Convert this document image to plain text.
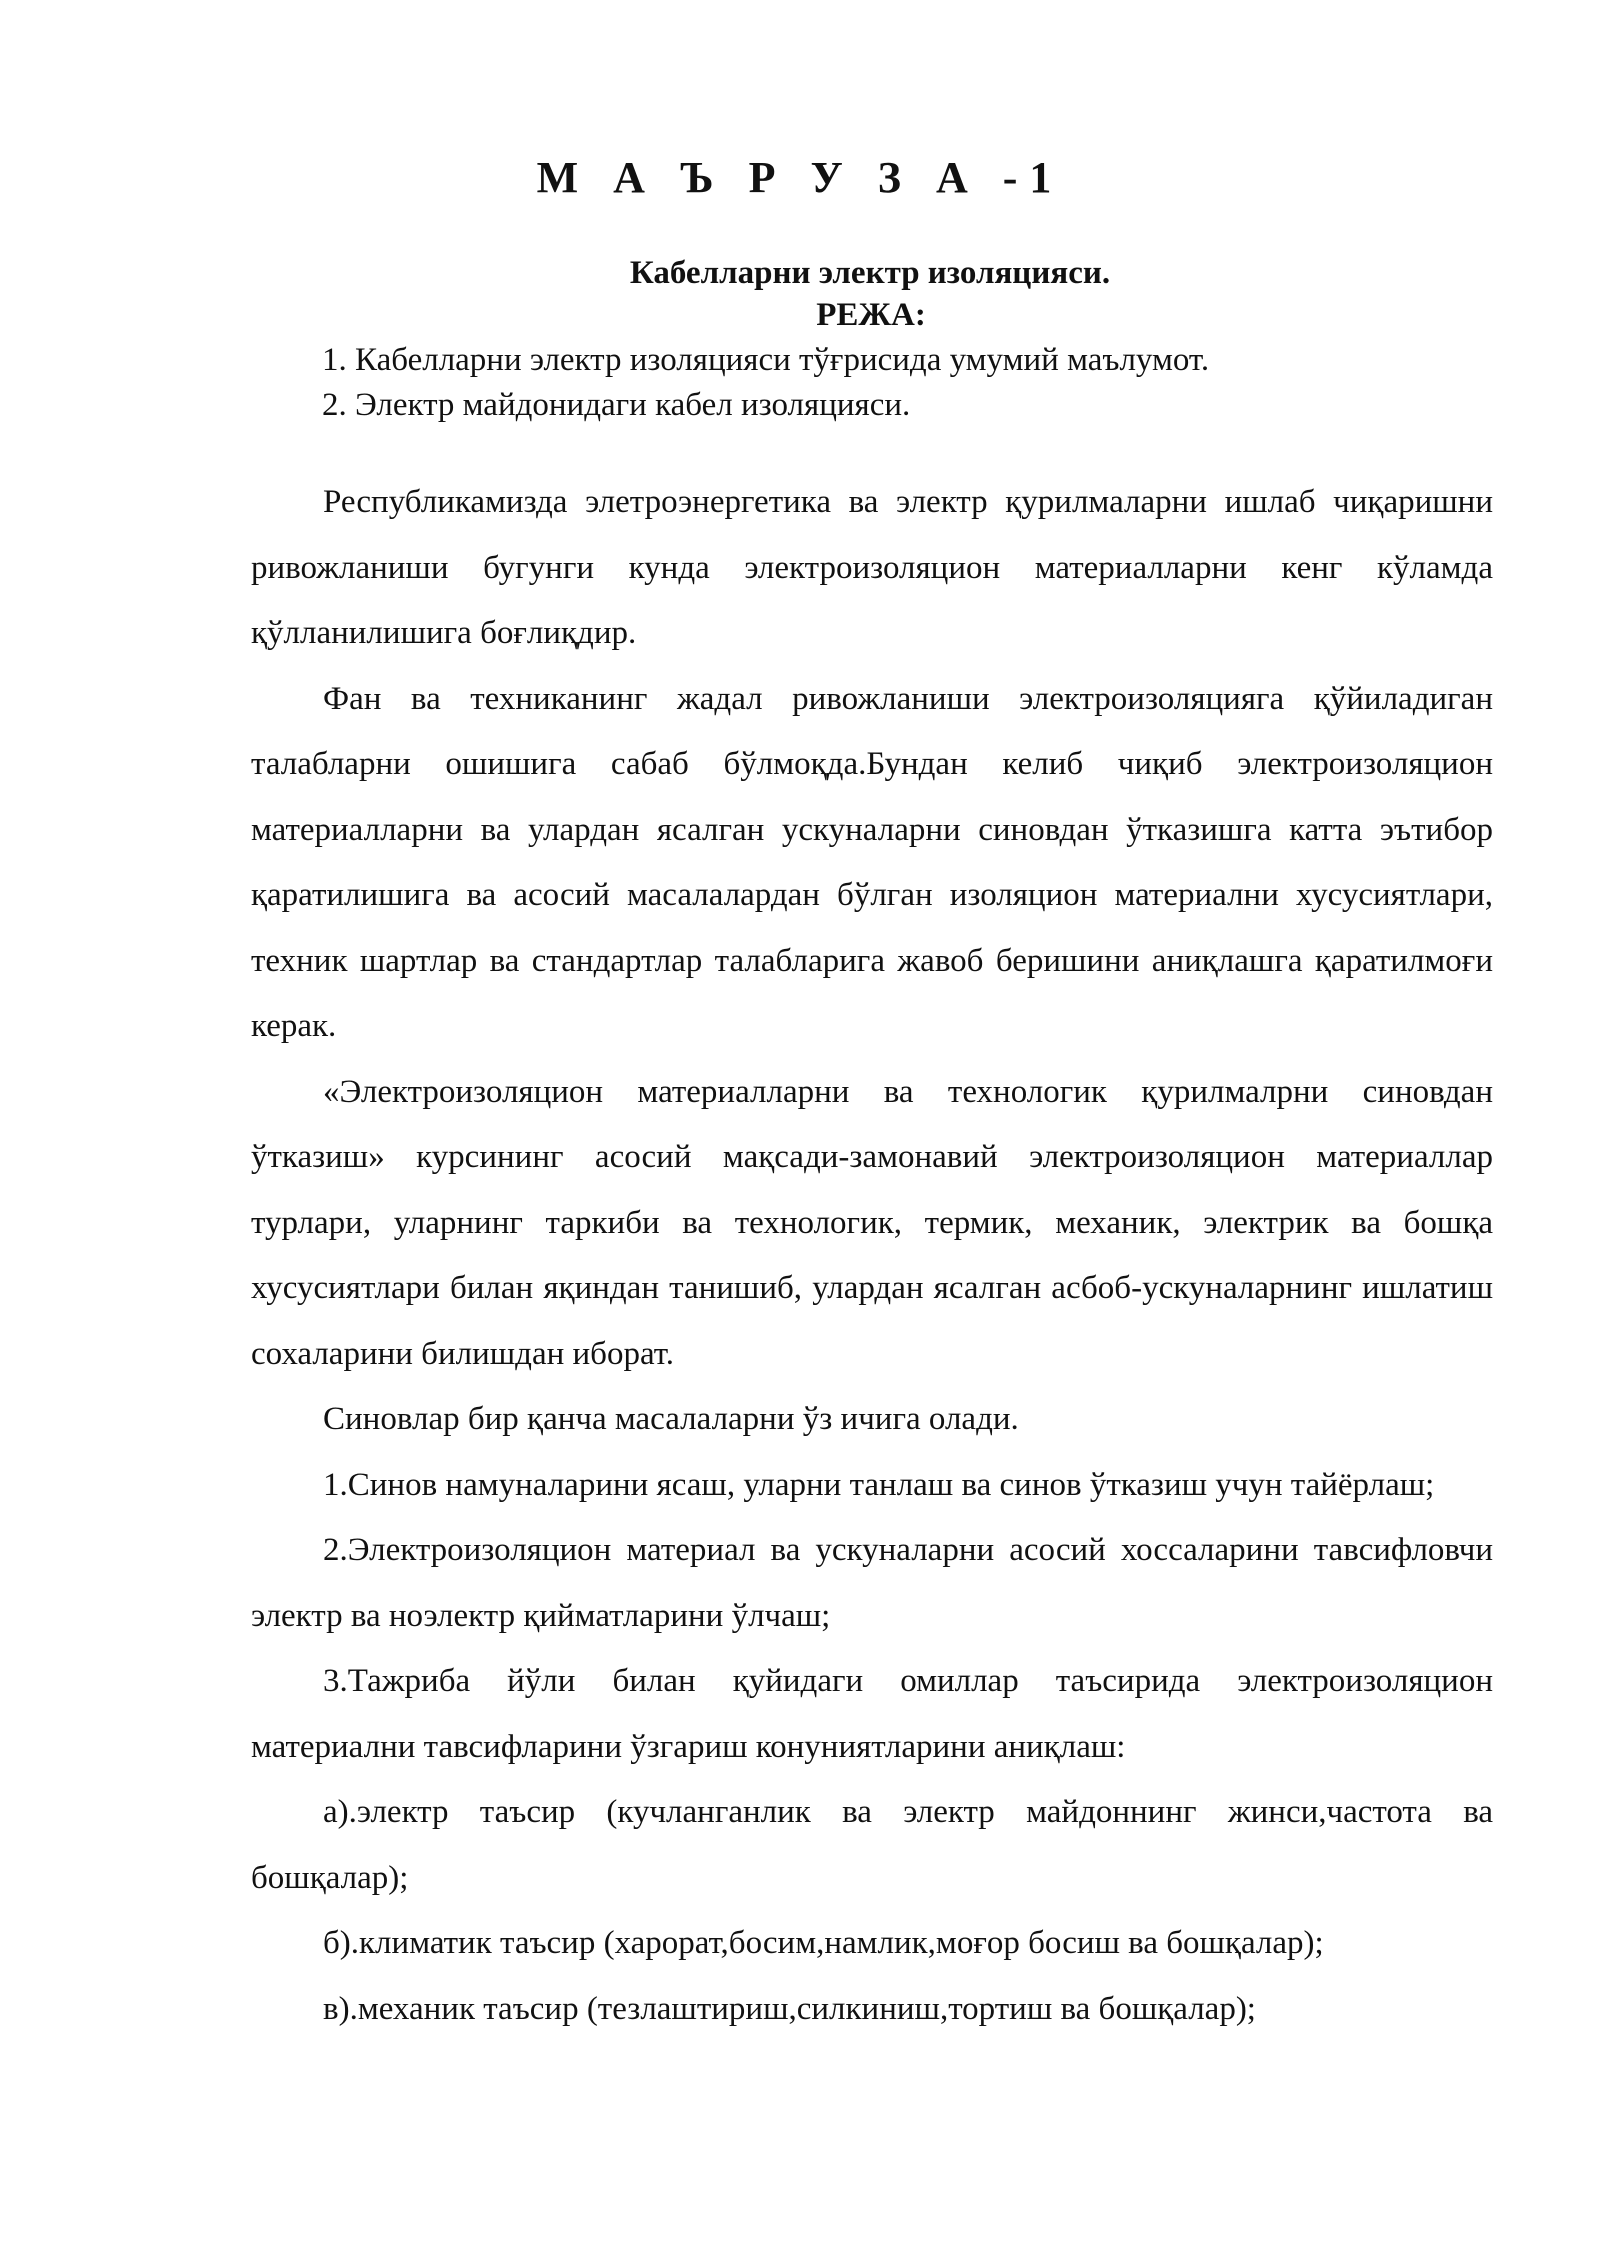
М А Ъ Р У З А -1
Кабелларни электр изоляцияси.
РЕЖА:
1. Кабелларни электр изоляцияси тўғрисида умумий маълумот.
2. Электр майдонидаги кабел изоляцияси.

Республикамизда элетроэнергетика ва электр қурилмаларни ишлаб чиқаришни ривожланиши бугунги кунда электроизоляцион материалларни кенг кўламда қўлланилишига боғлиқдир.

Фан ва техниканинг жадал ривожланиши электроизоляцияга қўйиладиган талабларни ошишига сабаб бўлмоқда.Бундан келиб чиқиб электроизоляцион материалларни ва улардан ясалган ускуналарни синовдан ўтказишга катта эътибор қаратилишига ва асосий масалалардан бўлган изоляцион материални хусусиятлари, техник шартлар ва стандартлар талабларига жавоб беришини аниқлашга қаратилмоғи керак.

«Электроизоляцион материалларни ва технологик қурилмалрни синовдан ўтказиш» курсининг асосий мақсади-замонавий электроизоляцион материаллар турлари, уларнинг таркиби ва технологик, термик, механик, электрик ва бошқа хусусиятлари билан яқиндан танишиб, улардан ясалган асбоб-ускуналарнинг ишлатиш сохаларини билишдан иборат.

Синовлар бир қанча масалаларни ўз ичига олади.

1.Синов намуналарини ясаш, уларни танлаш ва синов ўтказиш учун тайёрлаш;

2.Электроизоляцион материал ва ускуналарни асосий хоссаларини тавсифловчи электр ва ноэлектр қийматларини ўлчаш;

3.Тажриба йўли билан қуйидаги омиллар таъсирида электроизоляцион материални тавсифларини ўзгариш конуниятларини аниқлаш:

а).электр таъсир (кучланганлик ва электр майдоннинг жинси,частота ва бошқалар);

б).климатик таъсир (харорат,босим,намлик,моғор босиш ва бошқалар);

в).механик таъсир (тезлаштириш,силкиниш,тортиш ва бошқалар);
